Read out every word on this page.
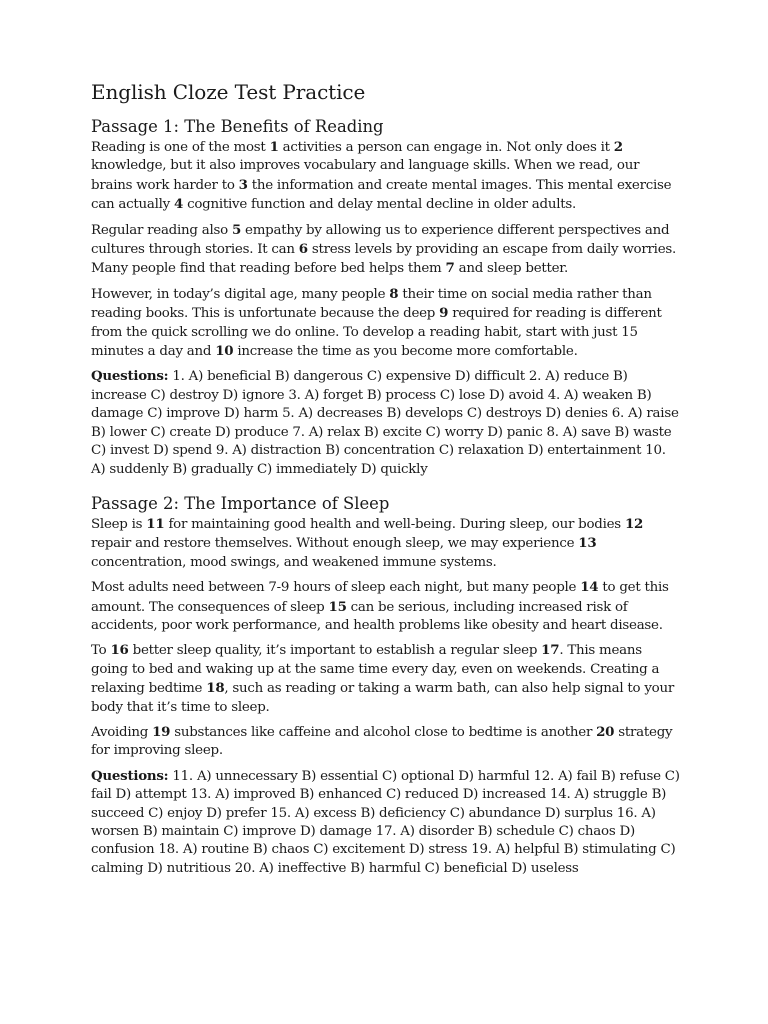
English Cloze Test Practice
Passage 1: The Benefits of Reading

Reading is one of the most 1 activities a person can engage in. Not only does it 2 knowledge, but it also improves vocabulary and language skills. When we read, our brains work harder to 3 the information and create mental images. This mental exercise can actually 4 cognitive function and delay mental decline in older adults.

Regular reading also 5 empathy by allowing us to experience different perspectives and cultures through stories. It can 6 stress levels by providing an escape from daily worries. Many people find that reading before bed helps them 7 and sleep better.

However, in today’s digital age, many people 8 their time on social media rather than reading books. This is unfortunate because the deep 9 required for reading is different from the quick scrolling we do online. To develop a reading habit, start with just 15 minutes a day and 10 increase the time as you become more comfortable.

Questions: 1. A) beneficial B) dangerous C) expensive D) difficult 2. A) reduce B) increase C) destroy D) ignore 3. A) forget B) process C) lose D) avoid 4. A) weaken B) damage C) improve D) harm 5. A) decreases B) develops C) destroys D) denies 6. A) raise B) lower C) create D) produce 7. A) relax B) excite C) worry D) panic 8. A) save B) waste C) invest D) spend 9. A) distraction B) concentration C) relaxation D) entertainment 10. A) suddenly B) gradually C) immediately D) quickly

Passage 2: The Importance of Sleep

Sleep is 11 for maintaining good health and well-being. During sleep, our bodies 12 repair and restore themselves. Without enough sleep, we may experience 13 concentration, mood swings, and weakened immune systems.

Most adults need between 7-9 hours of sleep each night, but many people 14 to get this amount. The consequences of sleep 15 can be serious, including increased risk of accidents, poor work performance, and health problems like obesity and heart disease.

To 16 better sleep quality, it’s important to establish a regular sleep 17. This means going to bed and waking up at the same time every day, even on weekends. Creating a relaxing bedtime 18, such as reading or taking a warm bath, can also help signal to your body that it’s time to sleep.

Avoiding 19 substances like caffeine and alcohol close to bedtime is another 20 strategy for improving sleep.

Questions: 11. A) unnecessary B) essential C) optional D) harmful 12. A) fail B) refuse C) fail D) attempt 13. A) improved B) enhanced C) reduced D) increased 14. A) struggle B) succeed C) enjoy D) prefer 15. A) excess B) deficiency C) abundance D) surplus 16. A) worsen B) maintain C) improve D) damage 17. A) disorder B) schedule C) chaos D) confusion 18. A) routine B) chaos C) excitement D) stress 19. A) helpful B) stimulating C) calming D) nutritious 20. A) ineffective B) harmful C) beneficial D) useless
